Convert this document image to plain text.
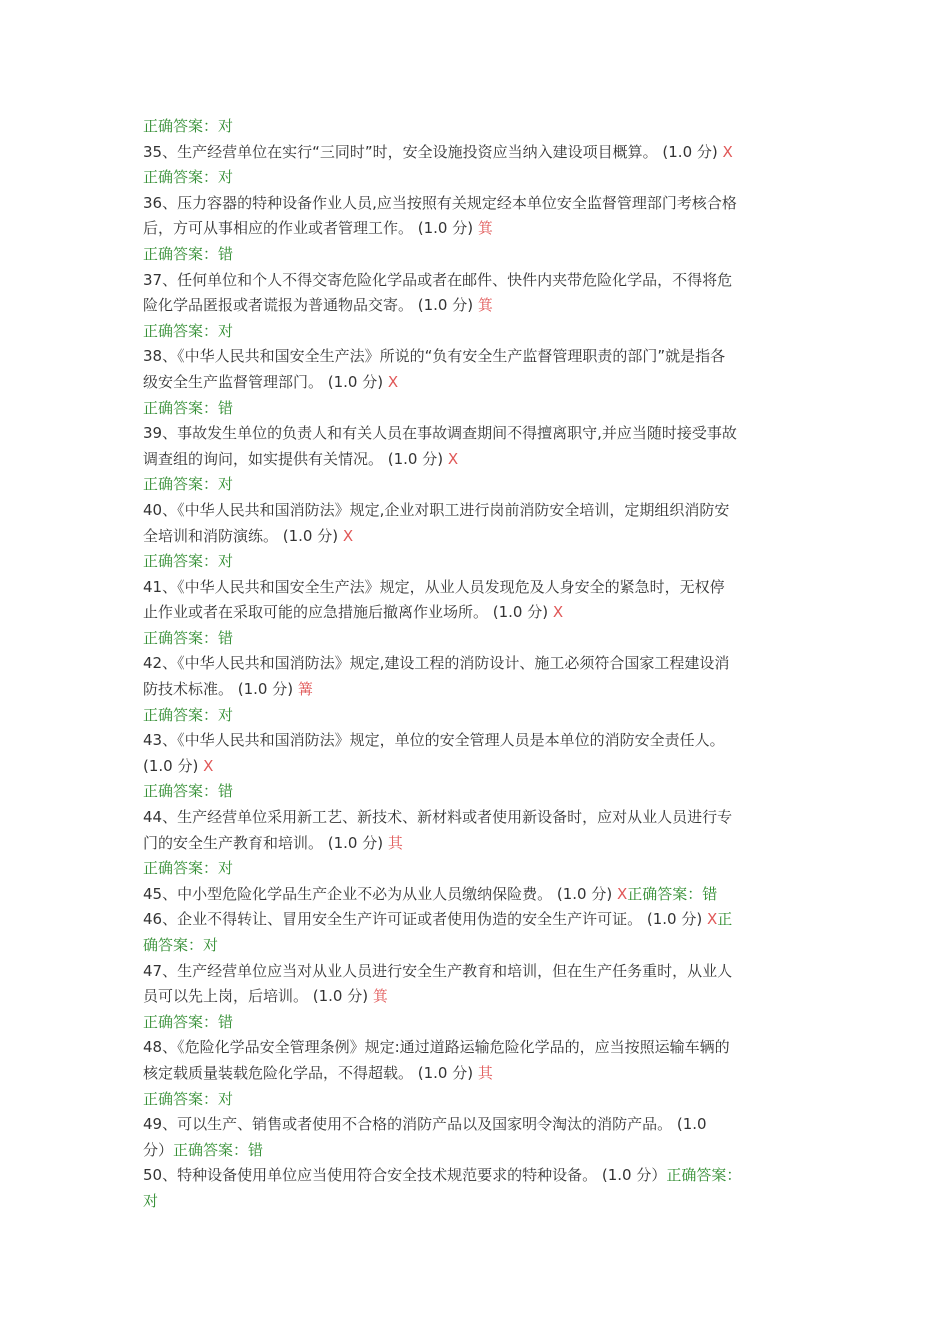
正确答案：对
35、生产经营单位在实行“三同时”时，安全设施投资应当纳入建设项目概算。 (1.0 分) X
正确答案：对
36、压力容器的特种设备作业人员,应当按照有关规定经本单位安全监督管理部门考核合格
后，方可从事相应的作业或者管理工作。 (1.0 分) 箕
正确答案：错
37、任何单位和个人不得交寄危险化学品或者在邮件、快件内夹带危险化学品，不得将危
险化学品匿报或者谎报为普通物品交寄。 (1.0 分) 箕
正确答案：对
38、《中华人民共和国安全生产法》所说的“负有安全生产监督管理职责的部门”就是指各
级安全生产监督管理部门。 (1.0 分) X
正确答案：错
39、事故发生单位的负责人和有关人员在事故调查期间不得擅离职守,并应当随时接受事故
调查组的询问，如实提供有关情况。 (1.0 分) X
正确答案：对
40、《中华人民共和国消防法》规定,企业对职工进行岗前消防安全培训，定期组织消防安
全培训和消防演练。 (1.0 分) X
正确答案：对
41、《中华人民共和国安全生产法》规定，从业人员发现危及人身安全的紧急时，无权停
止作业或者在采取可能的应急措施后撤离作业场所。 (1.0 分) X
正确答案：错
42、《中华人民共和国消防法》规定,建设工程的消防设计、施工必须符合国家工程建设消
防技术标准。 (1.0 分) 篝
正确答案：对
43、《中华人民共和国消防法》规定，单位的安全管理人员是本单位的消防安全责任人。
(1.0 分) X
正确答案：错
44、生产经营单位采用新工艺、新技术、新材料或者使用新设备时，应对从业人员进行专
门的安全生产教育和培训。 (1.0 分) 其
正确答案：对
45、中小型危险化学品生产企业不必为从业人员缴纳保险费。 (1.0 分) X正确答案：错
46、企业不得转让、冒用安全生产许可证或者使用伪造的安全生产许可证。 (1.0 分) X正
确答案：对
47、生产经营单位应当对从业人员进行安全生产教育和培训，但在生产任务重时，从业人
员可以先上岗，后培训。 (1.0 分) 箕
正确答案：错
48、《危险化学品安全管理条例》规定:通过道路运输危险化学品的，应当按照运输车辆的
核定载质量装载危险化学品，不得超载。 (1.0 分) 其
正确答案：对
49、可以生产、销售或者使用不合格的消防产品以及国家明令淘汰的消防产品。 (1.0
分）正确答案：错
50、特种设备使用单位应当使用符合安全技术规范要求的特种设备。 (1.0 分）正确答案：
对
